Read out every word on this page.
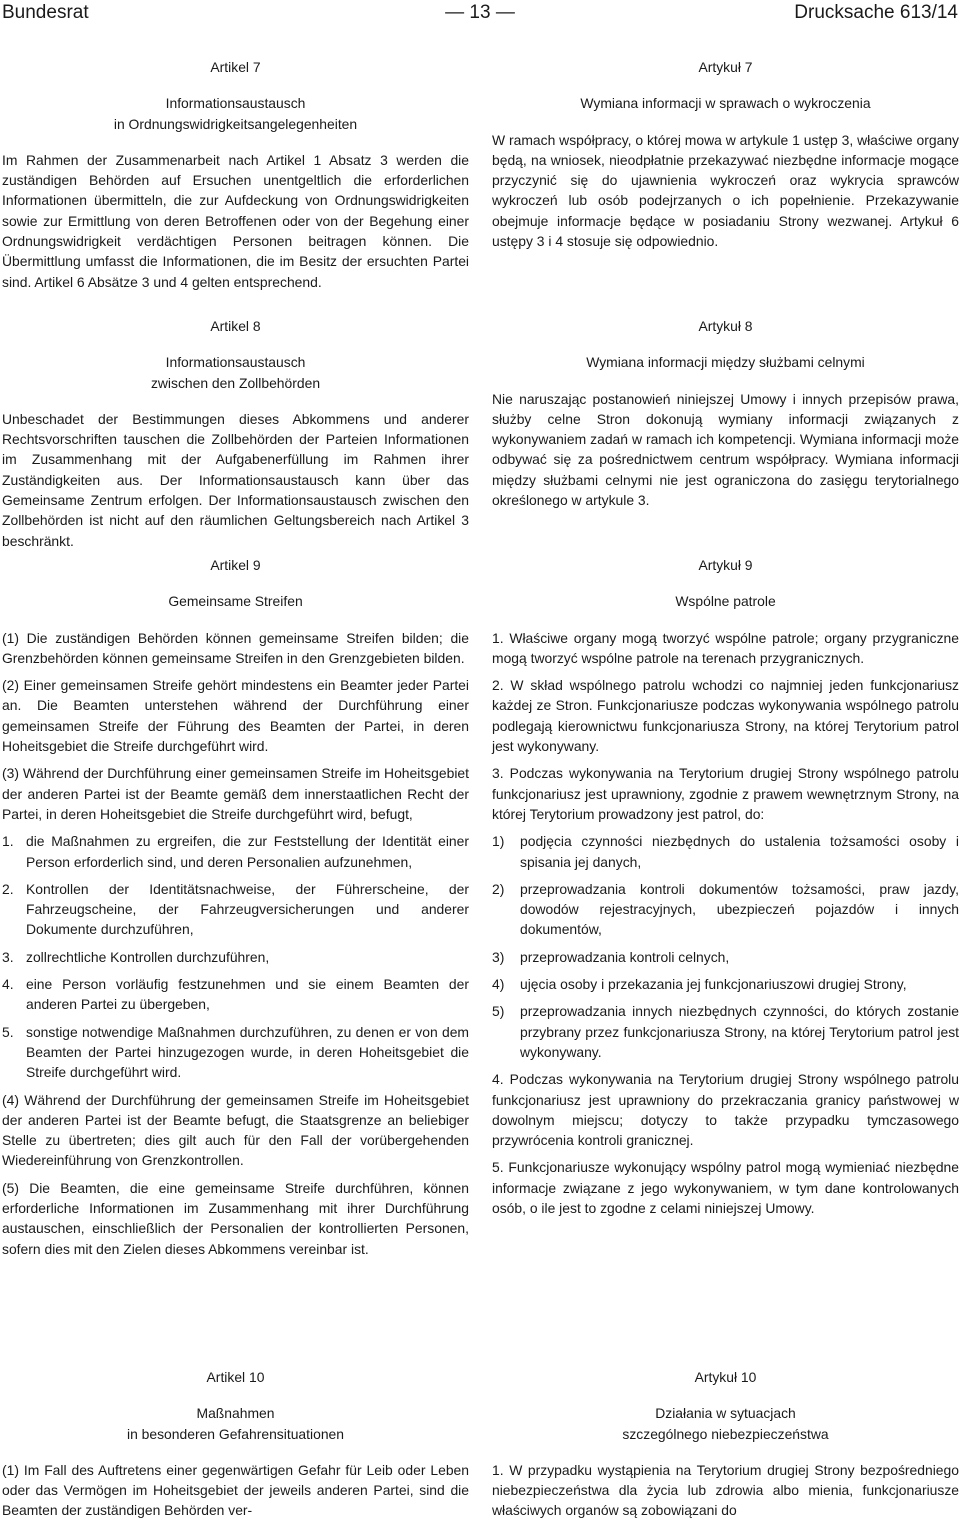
Bundesrat	— 13 —	Drucksache 613/14
Artikel 7
Informationsaustausch
in Ordnungswidrigkeitsangelegenheiten

Im Rahmen der Zusammenarbeit nach Artikel 1 Absatz 3 werden die zuständigen Behörden auf Ersuchen unentgeltlich die erforderlichen Informationen übermitteln, die zur Aufdeckung von Ordnungswidrigkeiten sowie zur Ermittlung von deren Betroffenen oder von der Begehung einer Ordnungswidrigkeit verdächtigen Personen beitragen können. Die Übermittlung umfasst die Informationen, die im Besitz der ersuchten Partei sind. Artikel 6 Absätze 3 und 4 gelten entsprechend.

Artikel 8
Informationsaustausch
zwischen den Zollbehörden

Unbeschadet der Bestimmungen dieses Abkommens und anderer Rechtsvorschriften tauschen die Zollbehörden der Parteien Informationen im Zusammenhang mit der Aufgabenerfüllung im Rahmen ihrer Zuständigkeiten aus. Der Informationsaustausch kann über das Gemeinsame Zentrum erfolgen. Der Informationsaustausch zwischen den Zollbehörden ist nicht auf den räumlichen Geltungsbereich nach Artikel 3 beschränkt.

Artikel 9
Gemeinsame Streifen

(1) Die zuständigen Behörden können gemeinsame Streifen bilden; die Grenzbehörden können gemeinsame Streifen in den Grenzgebieten bilden.

(2) Einer gemeinsamen Streife gehört mindestens ein Beamter jeder Partei an. Die Beamten unterstehen während der Durchführung einer gemeinsamen Streife der Führung des Beamten der Partei, in deren Hoheitsgebiet die Streife durchgeführt wird.

(3) Während der Durchführung einer gemeinsamen Streife im Hoheitsgebiet der anderen Partei ist der Beamte gemäß dem innerstaatlichen Recht der Partei, in deren Hoheitsgebiet die Streife durchgeführt wird, befugt,

1. die Maßnahmen zu ergreifen, die zur Feststellung der Identität einer Person erforderlich sind, und deren Personalien aufzunehmen,
2. Kontrollen der Identitätsnachweise, der Führerscheine, der Fahrzeugscheine, der Fahrzeugversicherungen und anderer Dokumente durchzuführen,
3. zollrechtliche Kontrollen durchzuführen,
4. eine Person vorläufig festzunehmen und sie einem Beamten der anderen Partei zu übergeben,
5. sonstige notwendige Maßnahmen durchzuführen, zu denen er von dem Beamten der Partei hinzugezogen wurde, in deren Hoheitsgebiet die Streife durchgeführt wird.

(4) Während der Durchführung der gemeinsamen Streife im Hoheitsgebiet der anderen Partei ist der Beamte befugt, die Staatsgrenze an beliebiger Stelle zu übertreten; dies gilt auch für den Fall der vorübergehenden Wiedereinführung von Grenzkontrollen.

(5) Die Beamten, die eine gemeinsame Streife durchführen, können erforderliche Informationen im Zusammenhang mit ihrer Durchführung austauschen, einschließlich der Personalien der kontrollierten Personen, sofern dies mit den Zielen dieses Abkommens vereinbar ist.

Artikel 10
Maßnahmen
in besonderen Gefahrensituationen

(1) Im Fall des Auftretens einer gegenwärtigen Gefahr für Leib oder Leben oder das Vermögen im Hoheitsgebiet der jeweils anderen Partei, sind die Beamten der zuständigen Behörden ver-

Artykuł 7
Wymiana informacji w sprawach o wykroczenia

W ramach współpracy, o której mowa w artykule 1 ustęp 3, właściwe organy będą, na wniosek, nieodpłatnie przekazywać niezbędne informacje mogące przyczynić się do ujawnienia wykroczeń oraz wykrycia sprawców wykroczeń lub osób podejrzanych o ich popełnienie. Przekazywanie obejmuje informacje będące w posiadaniu Strony wezwanej. Artykuł 6 ustępy 3 i 4 stosuje się odpowiednio.

Artykuł 8
Wymiana informacji między służbami celnymi

Nie naruszając postanowień niniejszej Umowy i innych przepisów prawa, służby celne Stron dokonują wymiany informacji związanych z wykonywaniem zadań w ramach ich kompetencji. Wymiana informacji może odbywać się za pośrednictwem centrum współpracy. Wymiana informacji między służbami celnymi nie jest ograniczona do zasięgu terytorialnego określonego w artykule 3.

Artykuł 9
Wspólne patrole

1. Właściwe organy mogą tworzyć wspólne patrole; organy przygraniczne mogą tworzyć wspólne patrole na terenach przygranicznych.

2. W skład wspólnego patrolu wchodzi co najmniej jeden funkcjonariusz każdej ze Stron. Funkcjonariusze podczas wykonywania wspólnego patrolu podlegają kierownictwu funkcjonariusza Strony, na której Terytorium patrol jest wykonywany.

3. Podczas wykonywania na Terytorium drugiej Strony wspólnego patrolu funkcjonariusz jest uprawniony, zgodnie z prawem wewnętrznym Strony, na której Terytorium prowadzony jest patrol, do:

1) podjęcia czynności niezbędnych do ustalenia tożsamości osoby i spisania jej danych,
2) przeprowadzania kontroli dokumentów tożsamości, praw jazdy, dowodów rejestracyjnych, ubezpieczeń pojazdów i innych dokumentów,
3) przeprowadzania kontroli celnych,
4) ujęcia osoby i przekazania jej funkcjonariuszowi drugiej Strony,
5) przeprowadzania innych niezbędnych czynności, do których zostanie przybrany przez funkcjonariusza Strony, na której Terytorium patrol jest wykonywany.

4. Podczas wykonywania na Terytorium drugiej Strony wspólnego patrolu funkcjonariusz jest uprawniony do przekraczania granicy państwowej w dowolnym miejscu; dotyczy to także przypadku tymczasowego przywrócenia kontroli granicznej.

5. Funkcjonariusze wykonujący wspólny patrol mogą wymieniać niezbędne informacje związane z jego wykonywaniem, w tym dane kontrolowanych osób, o ile jest to zgodne z celami niniejszej Umowy.

Artykuł 10
Działania w sytuacjach
szczególnego niebezpieczeństwa

1. W przypadku wystąpienia na Terytorium drugiej Strony bezpośredniego niebezpieczeństwa dla życia lub zdrowia albo mienia, funkcjonariusze właściwych organów są zobowiązani do
